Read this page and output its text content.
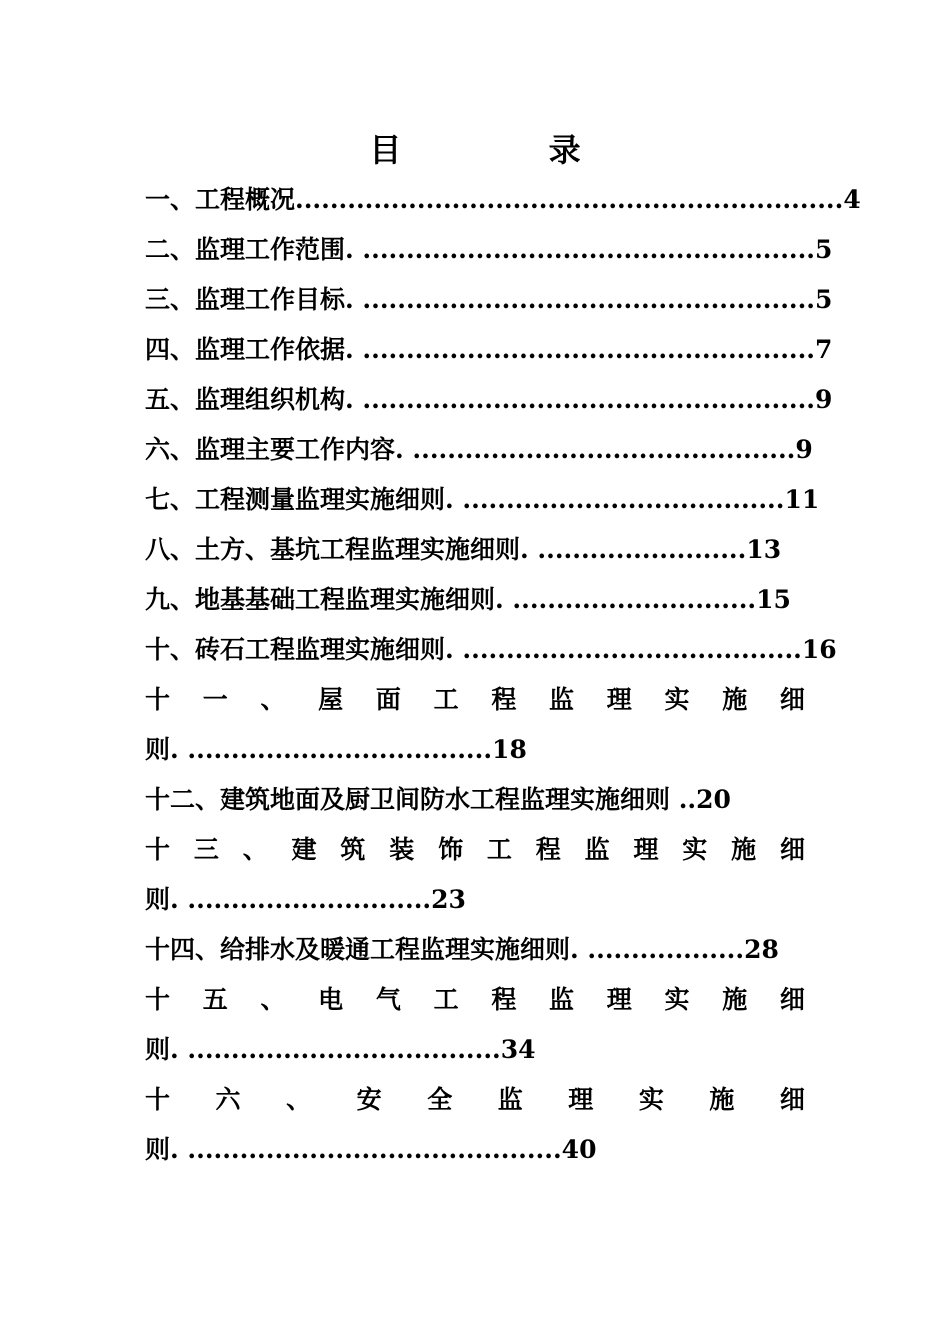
目 录
一、工程概况...............................................................4
二、监理工作范围. ....................................................5
三、监理工作目标. ....................................................5
四、监理工作依据. ....................................................7
五、监理组织机构. ....................................................9
六、监理主要工作内容. ............................................9
七、工程测量监理实施细则. .....................................11
八、土方、基坑工程监理实施细则. ........................13
九、地基基础工程监理实施细则. ............................15
十、砖石工程监理实施细则. .......................................16
十 一 、 屋 面 工 程 监 理 实 施 细
则. ...................................18
十二、建筑地面及厨卫间防水工程监理实施细则 ..20
十 三 、 建 筑 装 饰 工 程 监 理 实 施 细
则. ............................23
十四、给排水及暖通工程监理实施细则. ..................28
十 五 、 电 气 工 程 监 理 实 施 细
则. ....................................34
十 六 、 安 全 监 理 实 施 细
则. ...........................................40
